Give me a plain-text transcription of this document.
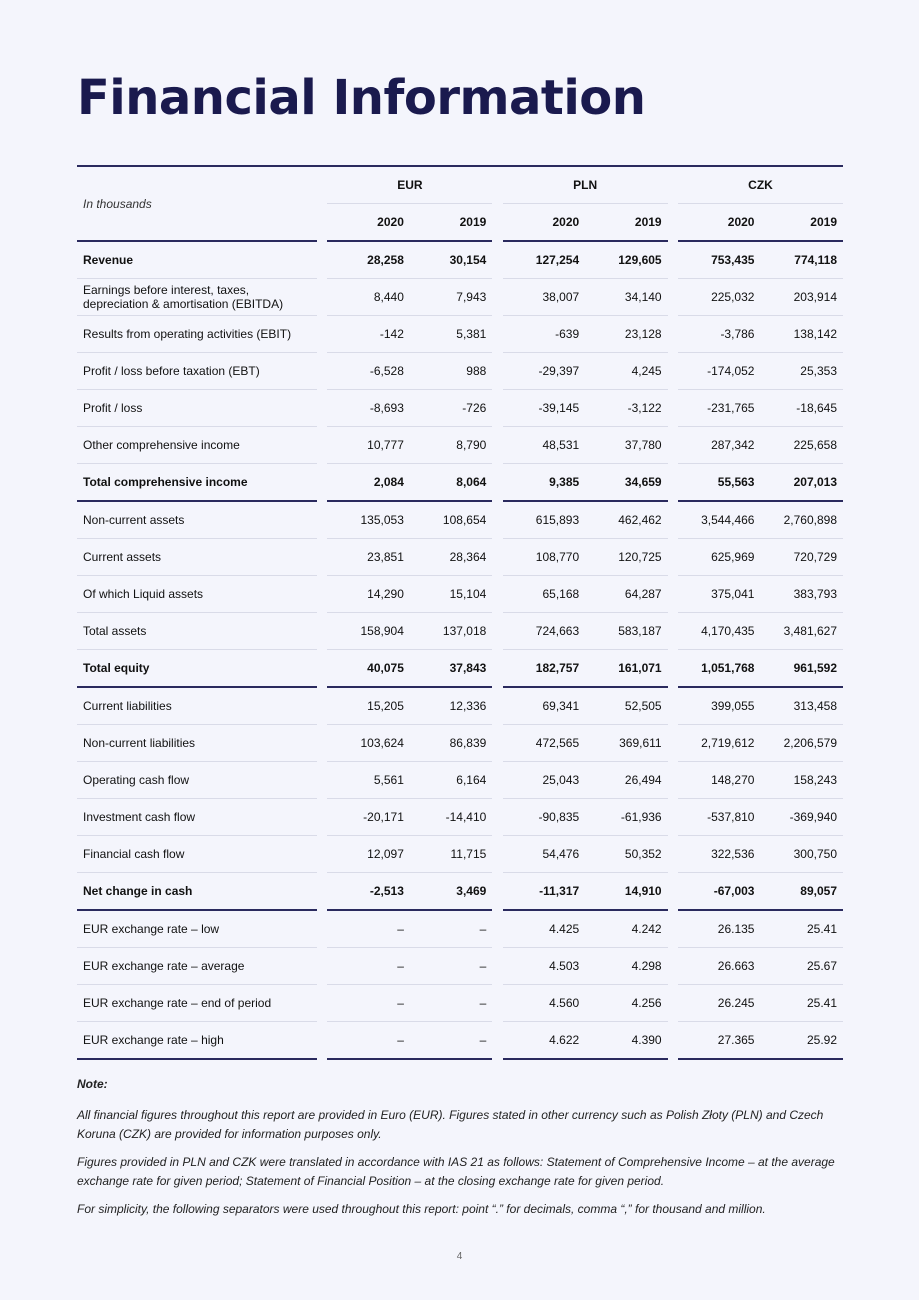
Financial Information
In thousands		EUR			PLN			CZK	
		2020	2019		2020	2019		2020	2019
Revenue		28,258	30,154		127,254	129,605		753,435	774,118
Earnings before interest, taxes, depreciation & amortisation (EBITDA)		8,440	7,943		38,007	34,140		225,032	203,914
Results from operating activities (EBIT)		-142	5,381		-639	23,128		-3,786	138,142
Profit / loss before taxation (EBT)		-6,528	988		-29,397	4,245		-174,052	25,353
Profit / loss		-8,693	-726		-39,145	-3,122		-231,765	-18,645
Other comprehensive income		10,777	8,790		48,531	37,780		287,342	225,658
Total comprehensive income		2,084	8,064		9,385	34,659		55,563	207,013
Non-current assets		135,053	108,654		615,893	462,462		3,544,466	2,760,898
Current assets		23,851	28,364		108,770	120,725		625,969	720,729
Of which Liquid assets		14,290	15,104		65,168	64,287		375,041	383,793
Total assets		158,904	137,018		724,663	583,187		4,170,435	3,481,627
Total equity		40,075	37,843		182,757	161,071		1,051,768	961,592
Current liabilities		15,205	12,336		69,341	52,505		399,055	313,458
Non-current liabilities		103,624	86,839		472,565	369,611		2,719,612	2,206,579
Operating cash flow		5,561	6,164		25,043	26,494		148,270	158,243
Investment cash flow		-20,171	-14,410		-90,835	-61,936		-537,810	-369,940
Financial cash flow		12,097	11,715		54,476	50,352		322,536	300,750
Net change in cash		-2,513	3,469		-11,317	14,910		-67,003	89,057
EUR exchange rate – low		–	–		4.425	4.242		26.135	25.41
EUR exchange rate – average		–	–		4.503	4.298		26.663	25.67
EUR exchange rate – end of period		–	–		4.560	4.256		26.245	25.41
EUR exchange rate – high		–	–		4.622	4.390		27.365	25.92

Note:

All financial figures throughout this report are provided in Euro (EUR). Figures stated in other currency such as Polish Złoty (PLN) and Czech Koruna (CZK) are provided for information purposes only.

Figures provided in PLN and CZK were translated in accordance with IAS 21 as follows: Statement of Comprehensive Income – at the average exchange rate for given period; Statement of Financial Position – at the closing exchange rate for given period.

For simplicity, the following separators were used throughout this report: point “.” for decimals, comma “,” for thousand and million.

4
